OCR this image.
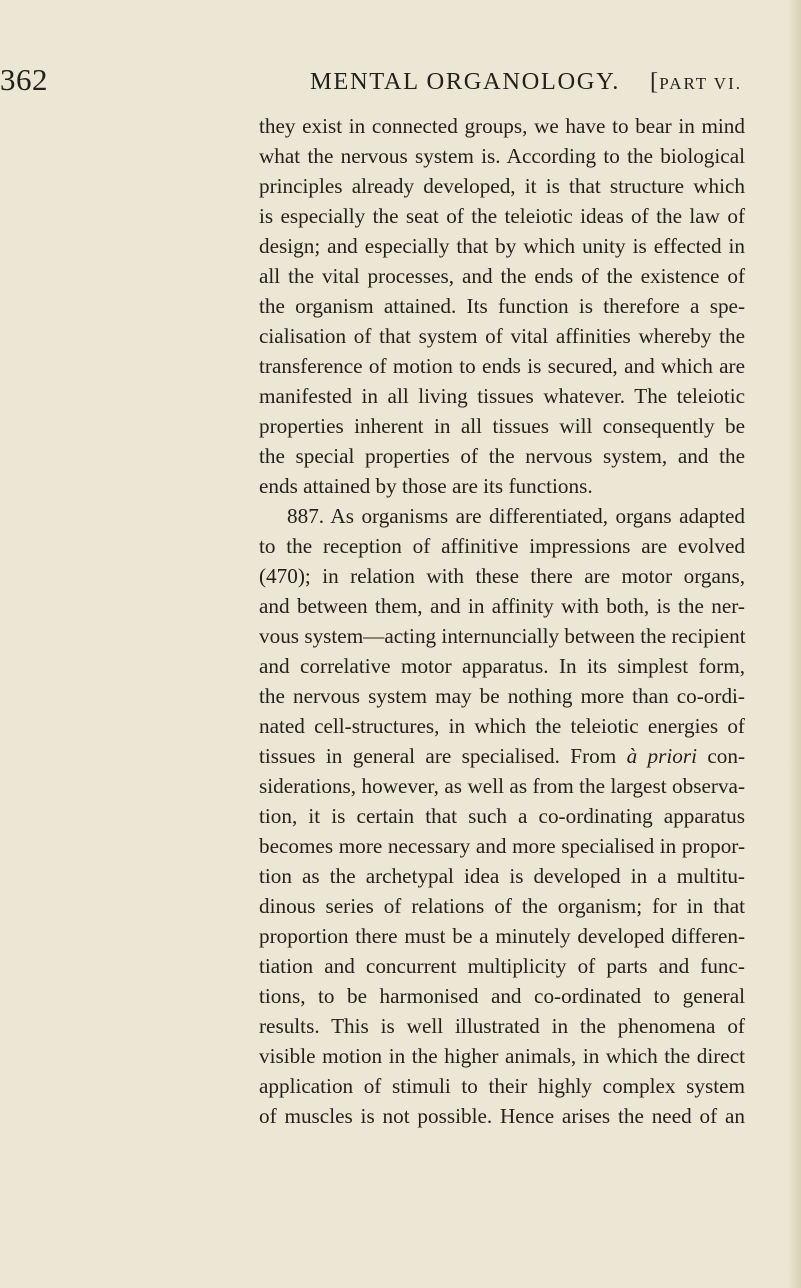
362	MENTAL ORGANOLOGY. [PART VI.
they exist in connected groups, we have to bear in mind
what the nervous system is. According to the biological
principles already developed, it is that structure which
is especially the seat of the teleiotic ideas of the law of
design; and especially that by which unity is effected in
all the vital processes, and the ends of the existence of
the organism attained. Its function is therefore a spe-
cialisation of that system of vital affinities whereby the
transference of motion to ends is secured, and which are
manifested in all living tissues whatever. The teleiotic
properties inherent in all tissues will consequently be
the special properties of the nervous system, and the
ends attained by those are its functions.
887. As organisms are differentiated, organs adapted
to the reception of affinitive impressions are evolved
(470); in relation with these there are motor organs,
and between them, and in affinity with both, is the ner-
vous system—acting internuncially between the recipient
and correlative motor apparatus. In its simplest form,
the nervous system may be nothing more than co-ordi-
nated cell-structures, in which the teleiotic energies of
tissues in general are specialised. From à priori con-
siderations, however, as well as from the largest observa-
tion, it is certain that such a co-ordinating apparatus
becomes more necessary and more specialised in propor-
tion as the archetypal idea is developed in a multitu-
dinous series of relations of the organism; for in that
proportion there must be a minutely developed differen-
tiation and concurrent multiplicity of parts and func-
tions, to be harmonised and co-ordinated to general
results. This is well illustrated in the phenomena of
visible motion in the higher animals, in which the direct
application of stimuli to their highly complex system
of muscles is not possible. Hence arises the need of an
